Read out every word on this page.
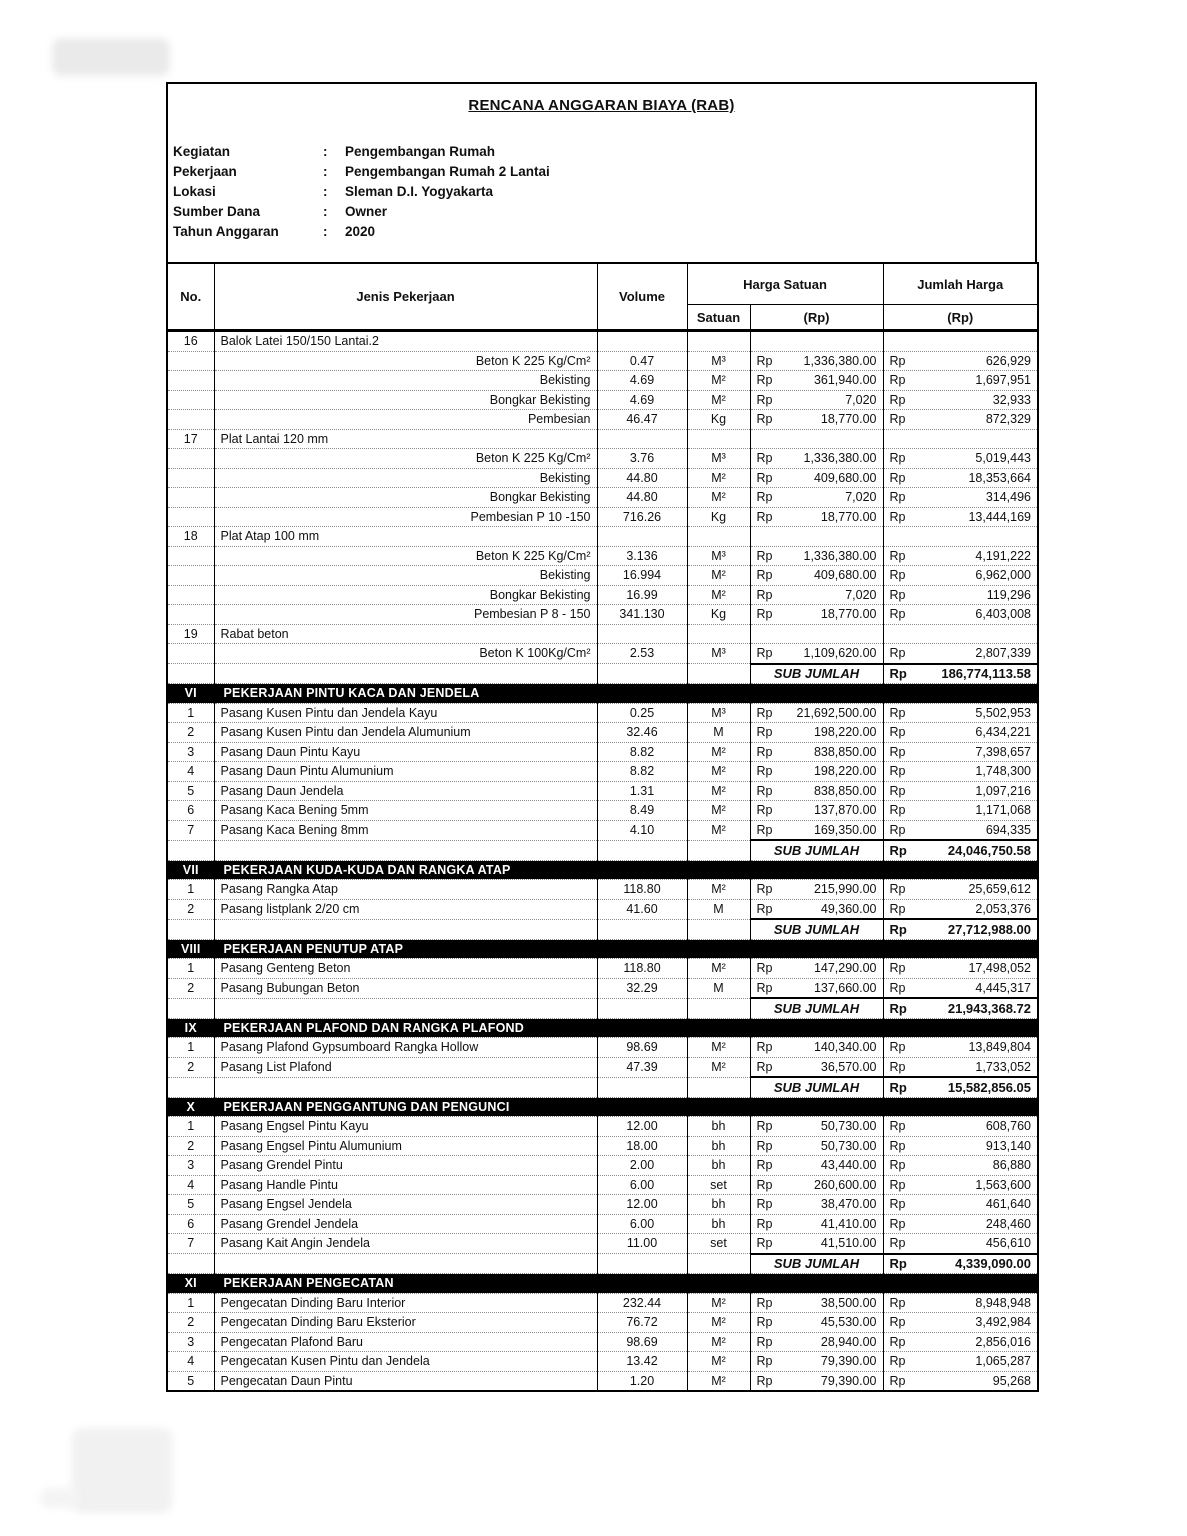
RENCANA ANGGARAN BIAYA (RAB)
Kegiatan	:	Pengembangan Rumah
Pekerjaan	:	Pengembangan Rumah 2 Lantai
Lokasi	:	Sleman D.I. Yogyakarta
Sumber Dana	:	Owner
Tahun Anggaran	:	2020
No.	Jenis Pekerjaan	Volume	Harga Satuan		Jumlah Harga
			Satuan	(Rp)	(Rp)
16	Balok Latei 150/150 Lantai.2				
	Beton K 225 Kg/Cm²	0.47	M³	Rp 1,336,380.00	Rp 626,929
	Bekisting	4.69	M²	Rp 361,940.00	Rp 1,697,951
	Bongkar Bekisting	4.69	M²	Rp 7,020	Rp 32,933
	Pembesian	46.47	Kg	Rp 18,770.00	Rp 872,329
17	Plat Lantai 120 mm				
	Beton K 225 Kg/Cm²	3.76	M³	Rp 1,336,380.00	Rp 5,019,443
	Bekisting	44.80	M²	Rp 409,680.00	Rp 18,353,664
	Bongkar Bekisting	44.80	M²	Rp 7,020	Rp 314,496
	Pembesian P 10 -150	716.26	Kg	Rp 18,770.00	Rp 13,444,169
18	Plat Atap 100 mm				
	Beton K 225 Kg/Cm²	3.136	M³	Rp 1,336,380.00	Rp 4,191,222
	Bekisting	16.994	M²	Rp 409,680.00	Rp 6,962,000
	Bongkar Bekisting	16.99	M²	Rp 7,020	Rp 119,296
	Pembesian P 8 - 150	341.130	Kg	Rp 18,770.00	Rp 6,403,008
19	Rabat beton				
	Beton K 100Kg/Cm²	2.53	M³	Rp 1,109,620.00	Rp 2,807,339
				SUB JUMLAH	Rp 186,774,113.58
VI	PEKERJAAN PINTU KACA DAN JENDELA				
1	Pasang Kusen Pintu dan Jendela Kayu	0.25	M³	Rp 21,692,500.00	Rp 5,502,953
2	Pasang Kusen Pintu dan Jendela Alumunium	32.46	M	Rp 198,220.00	Rp 6,434,221
3	Pasang Daun Pintu Kayu	8.82	M²	Rp 838,850.00	Rp 7,398,657
4	Pasang Daun Pintu Alumunium	8.82	M²	Rp 198,220.00	Rp 1,748,300
5	Pasang Daun Jendela	1.31	M²	Rp 838,850.00	Rp 1,097,216
6	Pasang Kaca Bening 5mm	8.49	M²	Rp 137,870.00	Rp 1,171,068
7	Pasang Kaca Bening 8mm	4.10	M²	Rp 169,350.00	Rp 694,335
				SUB JUMLAH	Rp 24,046,750.58
VII	PEKERJAAN KUDA-KUDA DAN RANGKA ATAP				
1	Pasang Rangka Atap	118.80	M²	Rp 215,990.00	Rp 25,659,612
2	Pasang listplank 2/20 cm	41.60	M	Rp 49,360.00	Rp 2,053,376
				SUB JUMLAH	Rp 27,712,988.00
VIII	PEKERJAAN PENUTUP ATAP				
1	Pasang Genteng Beton	118.80	M²	Rp 147,290.00	Rp 17,498,052
2	Pasang Bubungan Beton	32.29	M	Rp 137,660.00	Rp 4,445,317
				SUB JUMLAH	Rp 21,943,368.72
IX	PEKERJAAN PLAFOND DAN RANGKA PLAFOND				
1	Pasang Plafond Gypsumboard Rangka Hollow	98.69	M²	Rp 140,340.00	Rp 13,849,804
2	Pasang List Plafond	47.39	M²	Rp 36,570.00	Rp 1,733,052
				SUB JUMLAH	Rp 15,582,856.05
X	PEKERJAAN PENGGANTUNG DAN PENGUNCI				
1	Pasang Engsel Pintu Kayu	12.00	bh	Rp 50,730.00	Rp 608,760
2	Pasang Engsel Pintu Alumunium	18.00	bh	Rp 50,730.00	Rp 913,140
3	Pasang Grendel Pintu	2.00	bh	Rp 43,440.00	Rp 86,880
4	Pasang Handle Pintu	6.00	set	Rp 260,600.00	Rp 1,563,600
5	Pasang Engsel Jendela	12.00	bh	Rp 38,470.00	Rp 461,640
6	Pasang Grendel Jendela	6.00	bh	Rp 41,410.00	Rp 248,460
7	Pasang Kait Angin Jendela	11.00	set	Rp 41,510.00	Rp 456,610
				SUB JUMLAH	Rp 4,339,090.00
XI	PEKERJAAN PENGECATAN				
1	Pengecatan Dinding Baru Interior	232.44	M²	Rp 38,500.00	Rp 8,948,948
2	Pengecatan Dinding Baru Eksterior	76.72	M²	Rp 45,530.00	Rp 3,492,984
3	Pengecatan Plafond Baru	98.69	M²	Rp 28,940.00	Rp 2,856,016
4	Pengecatan Kusen Pintu dan Jendela	13.42	M²	Rp 79,390.00	Rp 1,065,287
5	Pengecatan Daun Pintu	1.20	M²	Rp 79,390.00	Rp 95,268
